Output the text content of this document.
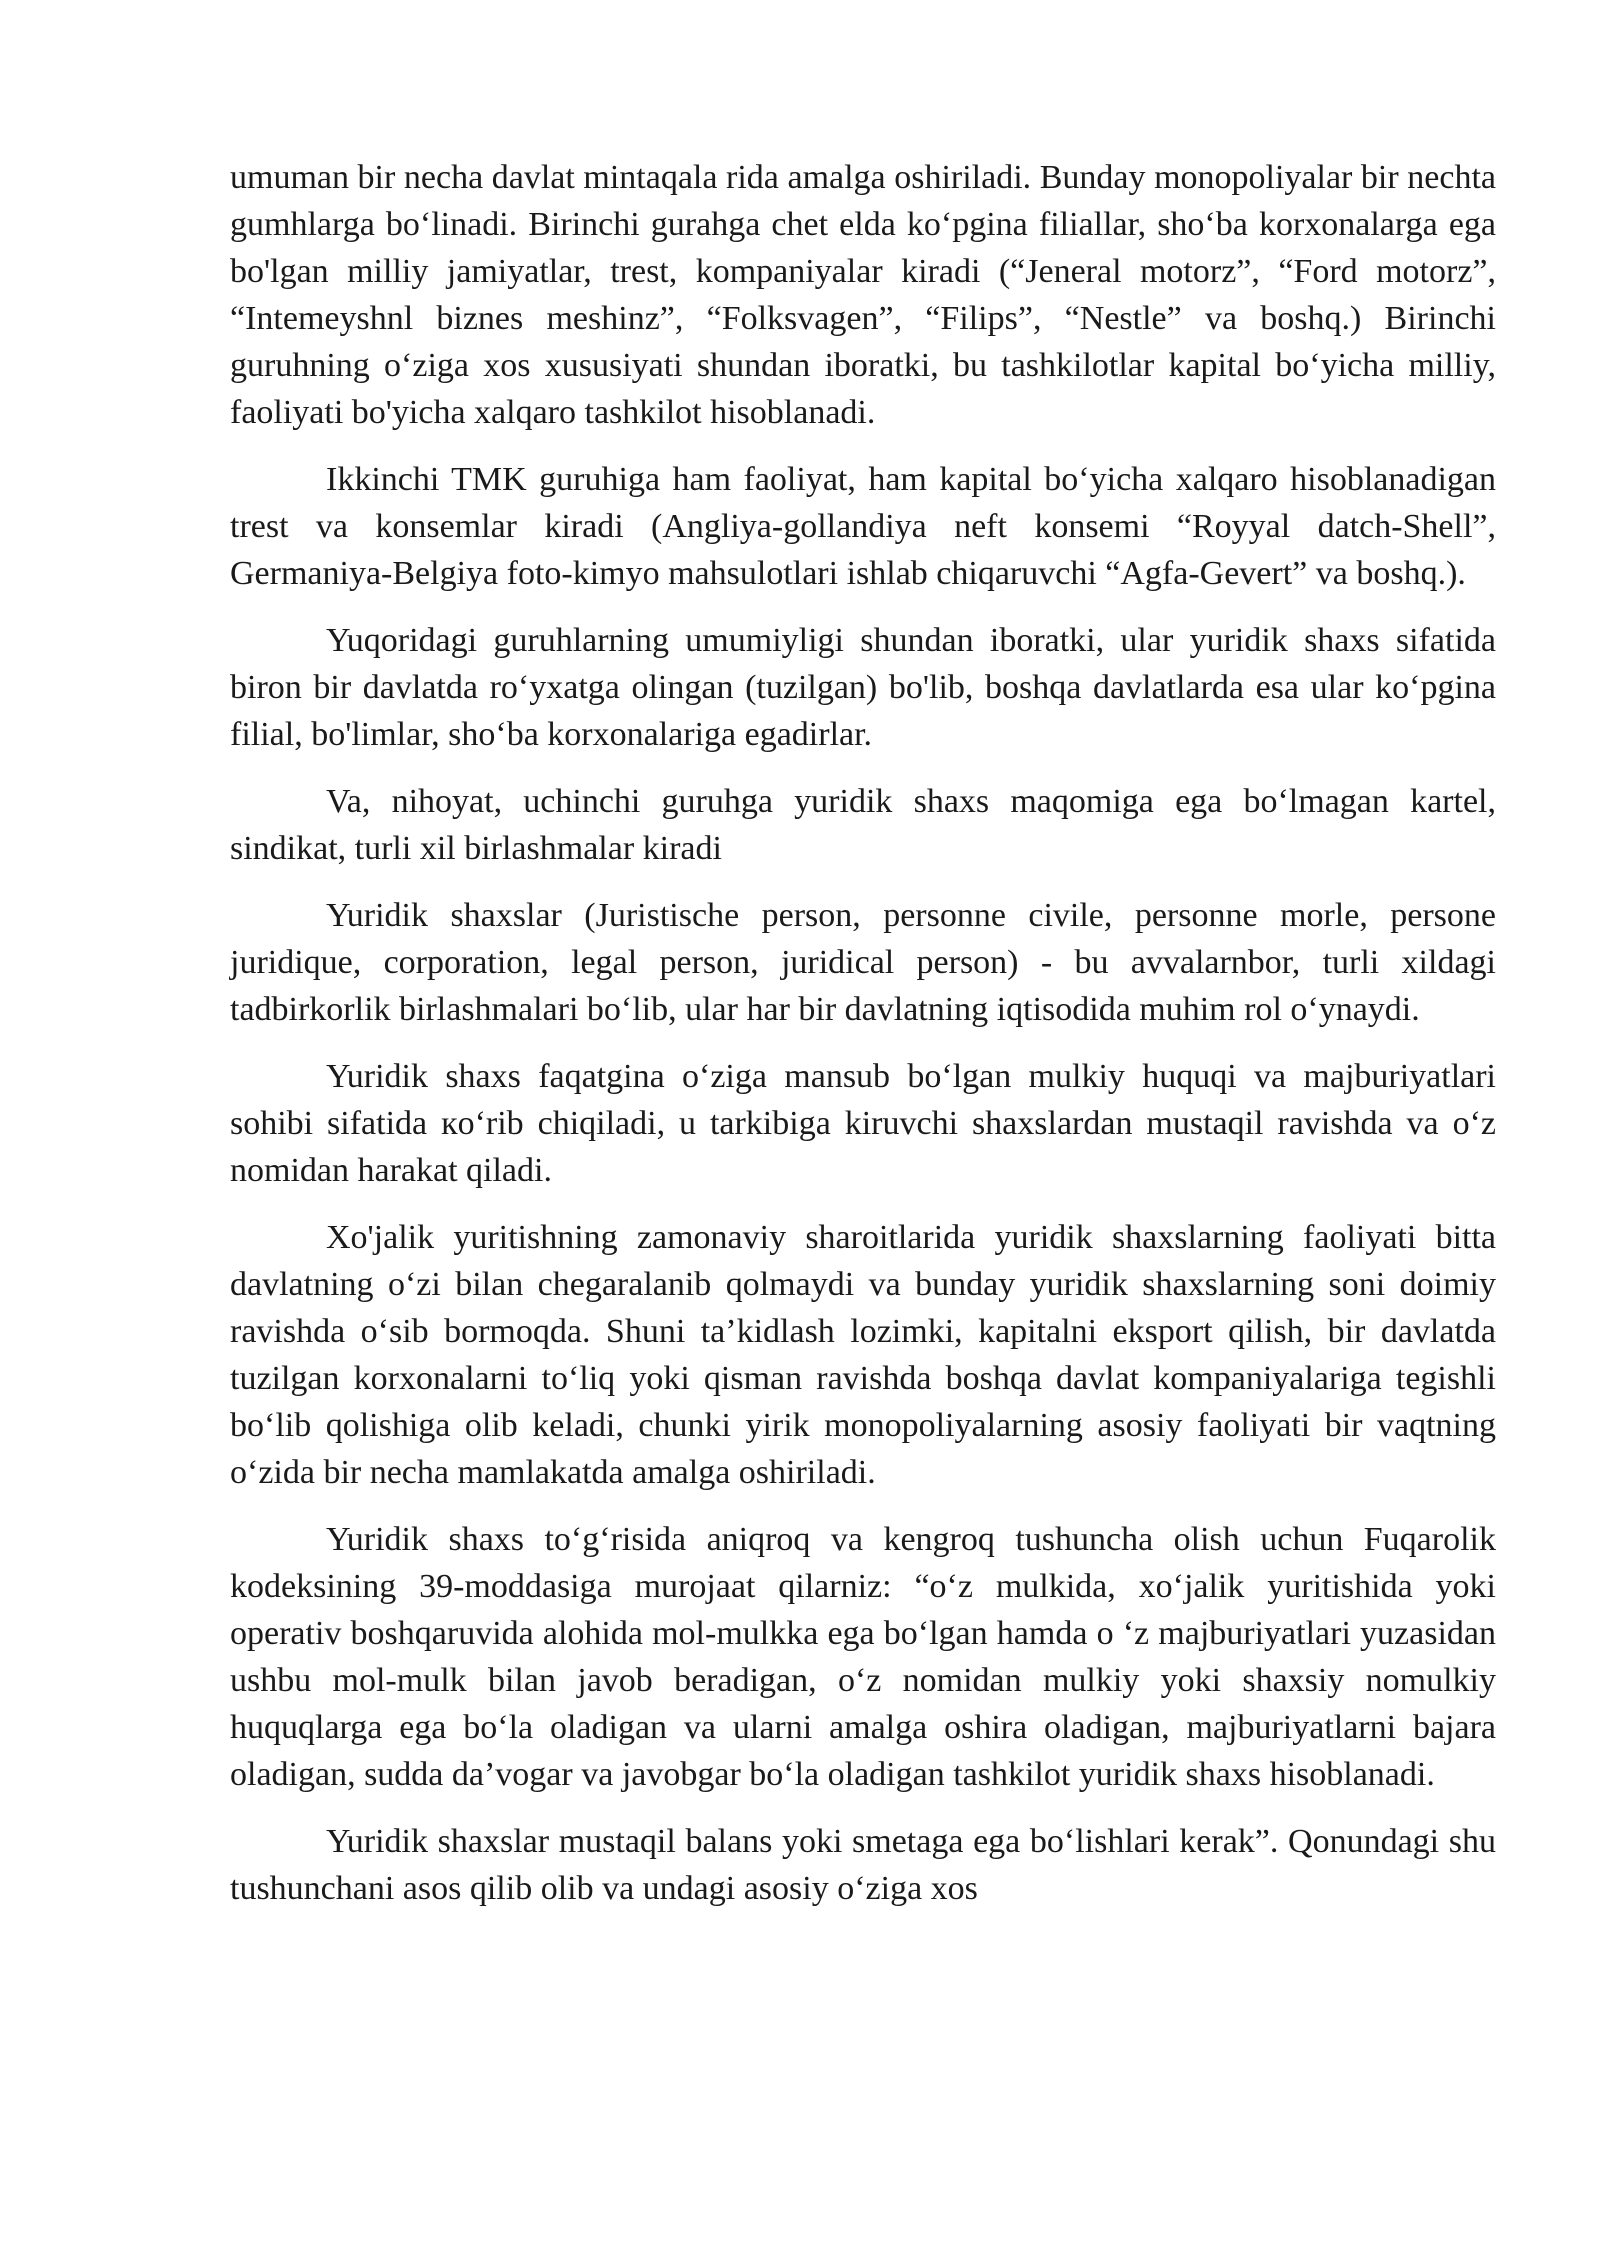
umuman bir necha davlat mintaqala rida amalga oshiriladi. Bunday monopoliyalar bir nechta gumhlarga bo‘linadi. Birinchi gurahga chet elda ko‘pgina filiallar, sho‘ba korxonalarga ega bo'lgan milliy jamiyatlar, trest, kompaniyalar kiradi (“Jeneral motorz”, “Ford motorz”, “Intemeyshnl biznes meshinz”, “Folksvagen”, “Filips”, “Nestle” va boshq.) Birinchi guruhning o‘ziga xos xususiyati shundan iboratki, bu tashkilotlar kapital bo‘yicha milliy, faoliyati bo'yicha xalqaro tashkilot hisoblanadi.

Ikkinchi TMK guruhiga ham faoliyat, ham kapital bo‘yicha xalqaro hisoblanadigan trest va konsemlar kiradi (Angliya-gollandiya neft konsemi “Royyal datch-Shell”, Germaniya-Belgiya foto-kimyo mahsulotlari ishlab chiqaruvchi “Agfa-Gevert” va boshq.).

Yuqoridagi guruhlarning umumiyligi shundan iboratki, ular yuridik shaxs sifatida biron bir davlatda ro‘yxatga olingan (tuzilgan) bo'lib, boshqa davlatlarda esa ular ko‘pgina filial, bo'limlar, sho‘ba korxonalariga egadirlar.

Va, nihoyat, uchinchi guruhga yuridik shaxs maqomiga ega bo‘lmagan kartel, sindikat, turli xil birlashmalar kiradi

Yuridik shaxslar (Juristische person, personne civile, personne morle, persone juridique, corporation, legal person, juridical person) - bu avvalarnbor, turli xildagi tadbirkorlik birlashmalari bo‘lib, ular har bir davlatning iqtisodida muhim rol o‘ynaydi.

Yuridik shaxs faqatgina o‘ziga mansub bo‘lgan mulkiy huquqi va majburiyatlari sohibi sifatida кo‘rib chiqiladi, u tarkibiga kiruvchi shaxslardan mustaqil ravishda va o‘z nomidan harakat qiladi.

Xo'jalik yuritishning zamonaviy sharoitlarida yuridik shaxslarning faoliyati bitta davlatning o‘zi bilan chegaralanib qolmaydi va bunday yuridik shaxslarning soni doimiy ravishda o‘sib bormoqda. Shuni ta’kidlash lozimki, kapitalni eksport qilish, bir davlatda tuzilgan korxonalarni to‘liq yoki qisman ravishda boshqa davlat kompaniyalariga tegishli bo‘lib qolishiga olib keladi, chunki yirik monopoliyalarning asosiy faoliyati bir vaqtning o‘zida bir necha mamlakatda amalga oshiriladi.

Yuridik shaxs to‘g‘risida aniqroq va kengroq tushuncha olish uchun Fuqarolik kodeksining 39-moddasiga murojaat qilarniz: “o‘z mulkida, xo‘jalik yuritishida yoki operativ boshqaruvida alohida mol-mulkka ega bo‘lgan hamda o ‘z majburiyatlari yuzasidan ushbu mol-mulk bilan javob beradigan, o‘z nomidan mulkiy yoki shaxsiy nomulkiy huquqlarga ega bo‘la oladigan va ularni amalga oshira oladigan, majburiyatlarni bajara oladigan, sudda da’vogar va javobgar bo‘la oladigan tashkilot yuridik shaxs hisoblanadi.

Yuridik shaxslar mustaqil balans yoki smetaga ega bo‘lishlari kerak”. Qonundagi shu tushunchani asos qilib olib va undagi asosiy o‘ziga xos
